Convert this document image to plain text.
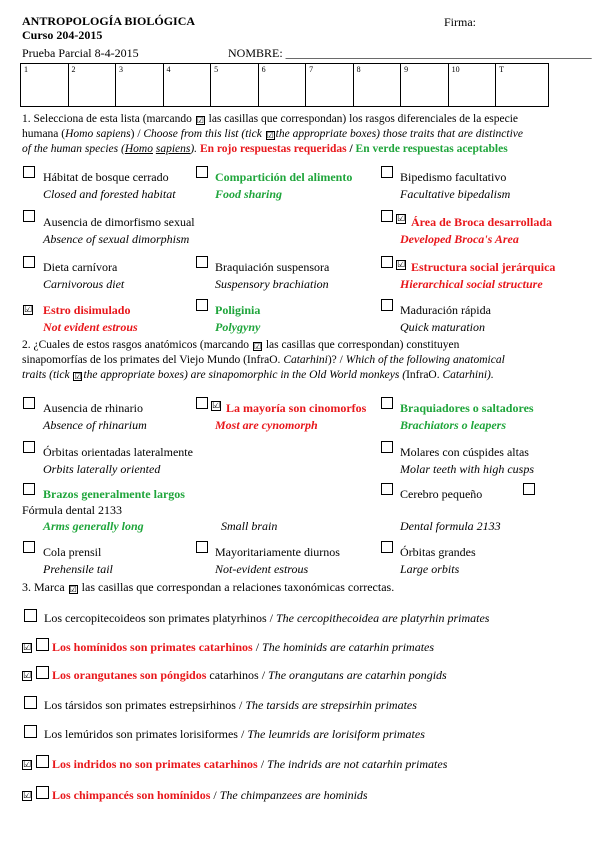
ANTROPOLOGÍA BIOLÓGICA
Curso 204-2015
Firma:
Prueba Parcial 8-4-2015	NOMBRE: ___________________________________________________
1	2	3	4	5	6	7	8	9	10	T
1. Selecciona de esta lista (marcando ☑ las casillas que correspondan) los rasgos diferenciales de la especie
humana (Homo sapiens) / Choose from this list (tick ☑ the appropriate boxes) those traits that are distinctive
of the human species (Homo sapiens). En rojo respuestas requeridas / En verde respuestas aceptables
Hábitat de bosque cerrado
Closed and forested habitat
Compartición del alimento
Food sharing
Bipedismo facultativo
Facultative bipedalism
Ausencia de dimorfismo sexual
Absence of sexual dimorphism
☑ Área de Broca desarrollada
Developed Broca's Area
Dieta carnívora
Carnivorous diet
Braquiación suspensora
Suspensory brachiation
☑ Estructura social jerárquica
Hierarchical social structure
☑ Estro disimulado
Not evident estrous
Poliginia
Polygyny
Maduración rápida
Quick maturation
2. ¿Cuales de estos rasgos anatómicos (marcando ☑ las casillas que correspondan) constituyen
sinapomorfías de los primates del Viejo Mundo (InfraO. Catarhini)? / Which of the following anatomical
traits (tick ☑ the appropriate boxes) are sinapomorphic in the Old World monkeys (InfraO. Catarhini).
Ausencia de rhinario
Absence of rhinarium
☑ La mayoría son cinomorfos
Most are cynomorph
Braquiadores o saltadores
Brachiators o leapers
Órbitas orientadas lateralmente
Orbits laterally oriented
Molares con cúspides altas
Molar teeth with high cusps
Brazos generalmente largos	Cerebro pequeño
Fórmula dental 2133
Arms generally long	Small brain	Dental formula 2133
Cola prensil
Prehensile tail
Mayoritariamente diurnos
Not-evident estrous
Órbitas grandes
Large orbits
3. Marca ☑ las casillas que correspondan a relaciones taxonómicas correctas.
Los cercopitecoideos son primates platyrhinos / The cercopithecoidea are platyrhin primates
☑ Los homínidos son primates catarhinos / The hominids are catarhin primates
☑ Los orangutanes son póngidos catarhinos / The orangutans are catarhin pongids
Los társidos son primates estrepsirhinos / The tarsids are strepsirhin primates
Los lemúridos son primates lorisiformes / The leumrids are lorisiform primates
☑ Los indridos no son primates catarhinos / The indrids are not catarhin primates
☑ Los chimpancés son homínidos / The chimpanzees are hominids
